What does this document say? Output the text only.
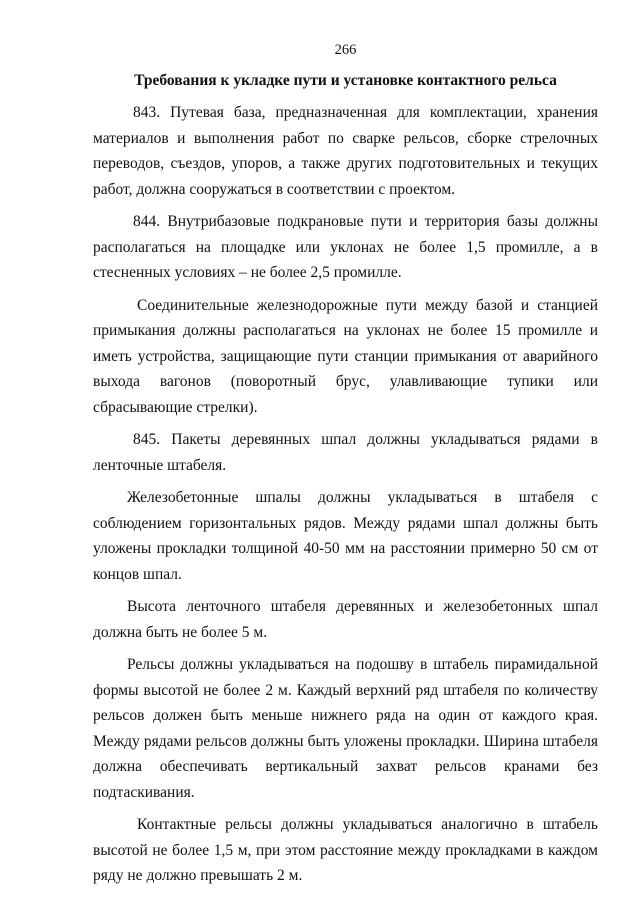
266
Требования к укладке пути и установке контактного рельса

843. Путевая база, предназначенная для комплектации, хранения материалов и выполнения работ по сварке рельсов, сборке стрелочных переводов, съездов, упоров, а также других подготовительных и текущих работ, должна сооружаться в соответствии с проектом.

844. Внутрибазовые подкрановые пути и территория базы должны располагаться на площадке или уклонах не более 1,5 промилле, а в стесненных условиях – не более 2,5 промилле.

Соединительные железнодорожные пути между базой и станцией примыкания должны располагаться на уклонах не более 15 промилле и иметь устройства, защищающие пути станции примыкания от аварийного выхода вагонов (поворотный брус, улавливающие тупики или сбрасывающие стрелки).

845. Пакеты деревянных шпал должны укладываться рядами в ленточные штабеля.

Железобетонные шпалы должны укладываться в штабеля с соблюдением горизонтальных рядов. Между рядами шпал должны быть уложены прокладки толщиной 40-50 мм на расстоянии примерно 50 см от концов шпал.

Высота ленточного штабеля деревянных и железобетонных шпал должна быть не более 5 м.

Рельсы должны укладываться на подошву в штабель пирамидальной формы высотой не более 2 м. Каждый верхний ряд штабеля по количеству рельсов должен быть меньше нижнего ряда на один от каждого края. Между рядами рельсов должны быть уложены прокладки. Ширина штабеля должна обеспечивать вертикальный захват рельсов кранами без подтаскивания.

Контактные рельсы должны укладываться аналогично в штабель высотой не более 1,5 м, при этом расстояние между прокладками в каждом ряду не должно превышать 2 м.
